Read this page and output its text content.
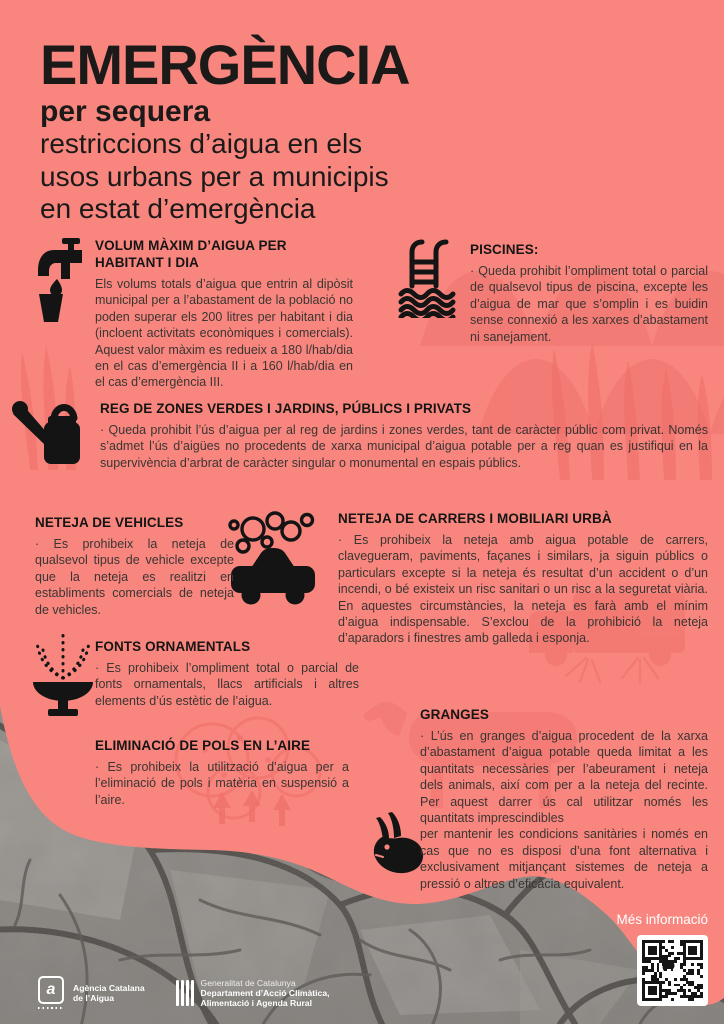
EMERGÈNCIA
per sequera
restriccions d’aigua en els
usos urbans per a municipis
en estat d’emergència
VOLUM MÀXIM D’AIGUA PER HABITANT I DIA

Els volums totals d’aigua que entrin al dipòsit municipal per a l’abastament de la població no poden superar els 200 litres per habitant i dia (incloent activitats econòmiques i comercials). Aquest valor màxim es redueix a 180 l/hab/dia en el cas d’emergència II i a 160 l/hab/dia en el cas d’emergència III.

PISCINES:

· Queda prohibit l’ompliment total o parcial de qualsevol tipus de piscina, excepte les d’aigua de mar que s’omplin i es buidin sense connexió a les xarxes d’abastament ni sanejament.

REG DE ZONES VERDES I JARDINS, PÚBLICS I PRIVATS

· Queda prohibit l’ús d’aigua per al reg de jardins i zones verdes, tant de caràcter públic com privat. Només s’admet l’ús d’aigües no procedents de xarxa municipal d’aigua potable per a reg quan es justifiqui en la supervivència d’arbrat de caràcter singular o monumental en espais públics.

NETEJA DE VEHICLES

· Es prohibeix la neteja de qualsevol tipus de vehicle excepte que la neteja es realitzi en establiments comercials de neteja de vehicles.

NETEJA DE CARRERS I MOBILIARI URBÀ

· Es prohibeix la neteja amb aigua potable de carrers, clavegueram, paviments, façanes i similars, ja siguin públics o particulars excepte si la neteja és resultat d’un accident o d’un incendi, o bé existeix un risc sanitari o un risc a la seguretat viària. En aquestes circumstàncies, la neteja es farà amb el mínim d’aigua indispensable. S’exclou de la prohibició la neteja d’aparadors i finestres amb galleda i esponja.

FONTS ORNAMENTALS

· Es prohibeix l’ompliment total o parcial de fonts ornamentals, llacs artificials i altres elements d’ús estètic de l’aigua.

ELIMINACIÓ DE POLS EN L’AIRE

· Es prohibeix la utilització d’aigua per a l’eliminació de pols i matèria en suspensió a l’aire.

GRANGES

· L’ús en granges d’aigua procedent de la xarxa d’abastament d’aigua potable queda limitat a les quantitats necessàries per l’abeurament i neteja dels animals, així com per a la neteja del recinte. Per aquest darrer ús cal utilitzar només les quantitats imprescindibles

per mantenir les condicions sanitàries i només en cas que no es disposi d’una font alternativa i exclusivament mitjançant sistemes de neteja a pressió o altres d’eficàcia equivalent.

Més informació
a Agència Catalana
de l’Aigua
Generalitat de Catalunya
Departament d’Acció Climàtica,
Alimentació i Agenda Rural
